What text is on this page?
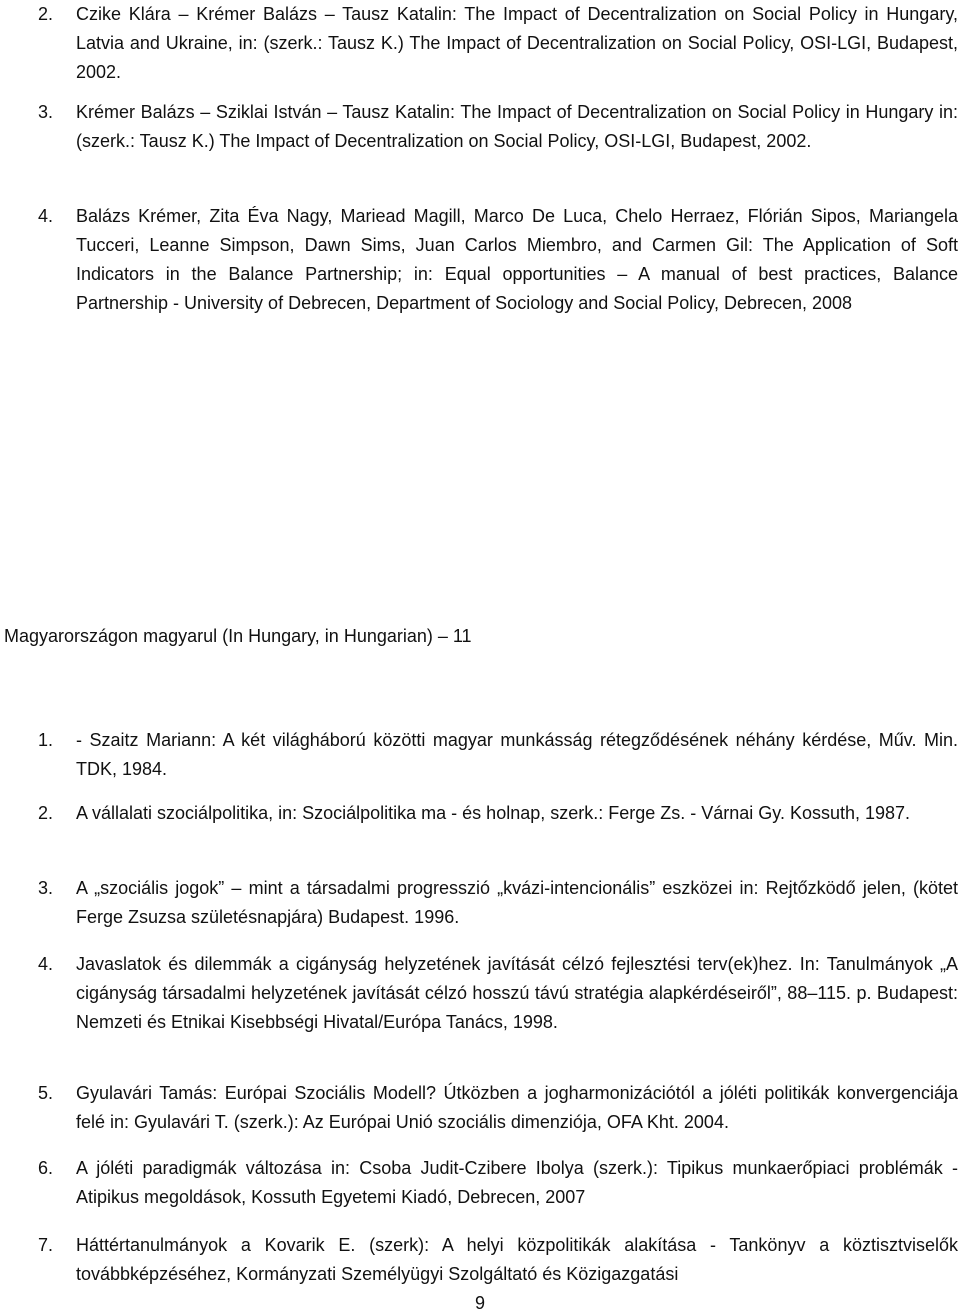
2.	Czike Klára – Krémer Balázs – Tausz Katalin: The Impact of Decentralization on Social Policy in Hungary, Latvia and Ukraine, in: (szerk.: Tausz K.) The Impact of Decentralization on Social Policy, OSI-LGI, Budapest, 2002.
3.	Krémer Balázs – Sziklai István – Tausz Katalin: The Impact of Decentralization on Social Policy in Hungary in: (szerk.: Tausz K.) The Impact of Decentralization on Social Policy, OSI-LGI, Budapest, 2002.
4.	Balázs Krémer, Zita Éva Nagy, Mariead Magill, Marco De Luca, Chelo Herraez, Flórián Sipos, Mariangela Tucceri, Leanne Simpson, Dawn Sims, Juan Carlos Miembro, and Carmen Gil: The Application of Soft Indicators in the Balance Partnership; in: Equal opportunities – A manual of best practices, Balance Partnership - University of Debrecen, Department of Sociology and Social Policy, Debrecen, 2008
Magyarországon magyarul (In Hungary, in Hungarian) – 11
1.	- Szaitz Mariann: A két világháború közötti magyar munkásság rétegződésének néhány kérdése, Műv. Min. TDK, 1984.
2.	A vállalati szociálpolitika, in: Szociálpolitika ma - és holnap, szerk.: Ferge Zs. - Várnai Gy. Kossuth, 1987.
3.	A „szociális jogok” – mint a társadalmi progresszió „kvázi-intencionális” eszközei in: Rejtőzködő jelen, (kötet Ferge Zsuzsa születésnapjára) Budapest. 1996.
4.	Javaslatok és dilemmák a cigányság helyzetének javítását célzó fejlesztési terv(ek)hez. In: Tanulmányok „A cigányság társadalmi helyzetének javítását célzó hosszú távú stratégia alapkérdéseiről”, 88–115. p. Budapest: Nemzeti és Etnikai Kisebbségi Hivatal/Európa Tanács, 1998.
5.	Gyulavári Tamás: Európai Szociális Modell? Útközben a jogharmonizációtól a jóléti politikák konvergenciája felé in: Gyulavári T. (szerk.): Az Európai Unió szociális dimenziója, OFA Kht. 2004.
6.	A jóléti paradigmák változása in: Csoba Judit-Czibere Ibolya (szerk.): Tipikus munkaerőpiaci problémák - Atipikus megoldások, Kossuth Egyetemi Kiadó, Debrecen, 2007
7.	Háttértanulmányok a Kovarik E. (szerk): A helyi közpolitikák alakítása - Tankönyv a köztisztviselők továbbképzéséhez, Kormányzati Személyügyi Szolgáltató és Közigazgatási
9
